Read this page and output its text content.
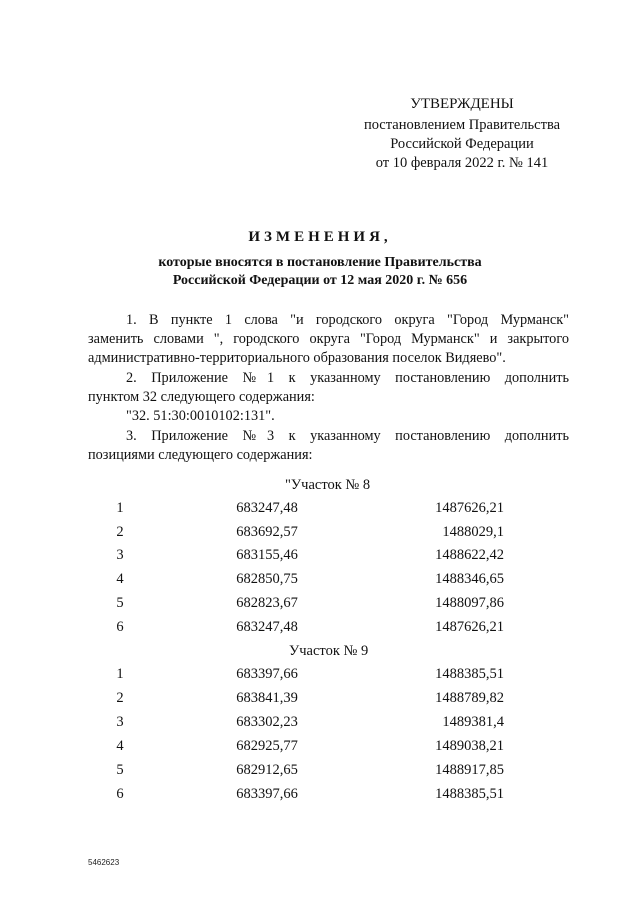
УТВЕРЖДЕНЫ
постановлением Правительства
Российской Федерации
от 10 февраля 2022 г. № 141
ИЗМЕНЕНИЯ,
которые вносятся в постановление Правительства
Российской Федерации от 12 мая 2020 г. № 656
1. В пункте 1 слова "и городского округа "Город Мурманск"
заменить словами ", городского округа "Город Мурманск" и закрытого
административно-территориального образования поселок Видяево".
2. Приложение №1 к указанному постановлению дополнить
пунктом 32 следующего содержания:
"32. 51:30:0010102:131".
3. Приложение №3 к указанному постановлению дополнить
позициями следующего содержания:
"Участок № 8
1	683247,48	1487626,21
2	683692,57	1488029,1
3	683155,46	1488622,42
4	682850,75	1488346,65
5	682823,67	1488097,86
6	683247,48	1487626,21
Участок № 9
1	683397,66	1488385,51
2	683841,39	1488789,82
3	683302,23	1489381,4
4	682925,77	1489038,21
5	682912,65	1488917,85
6	683397,66	1488385,51
5462623
